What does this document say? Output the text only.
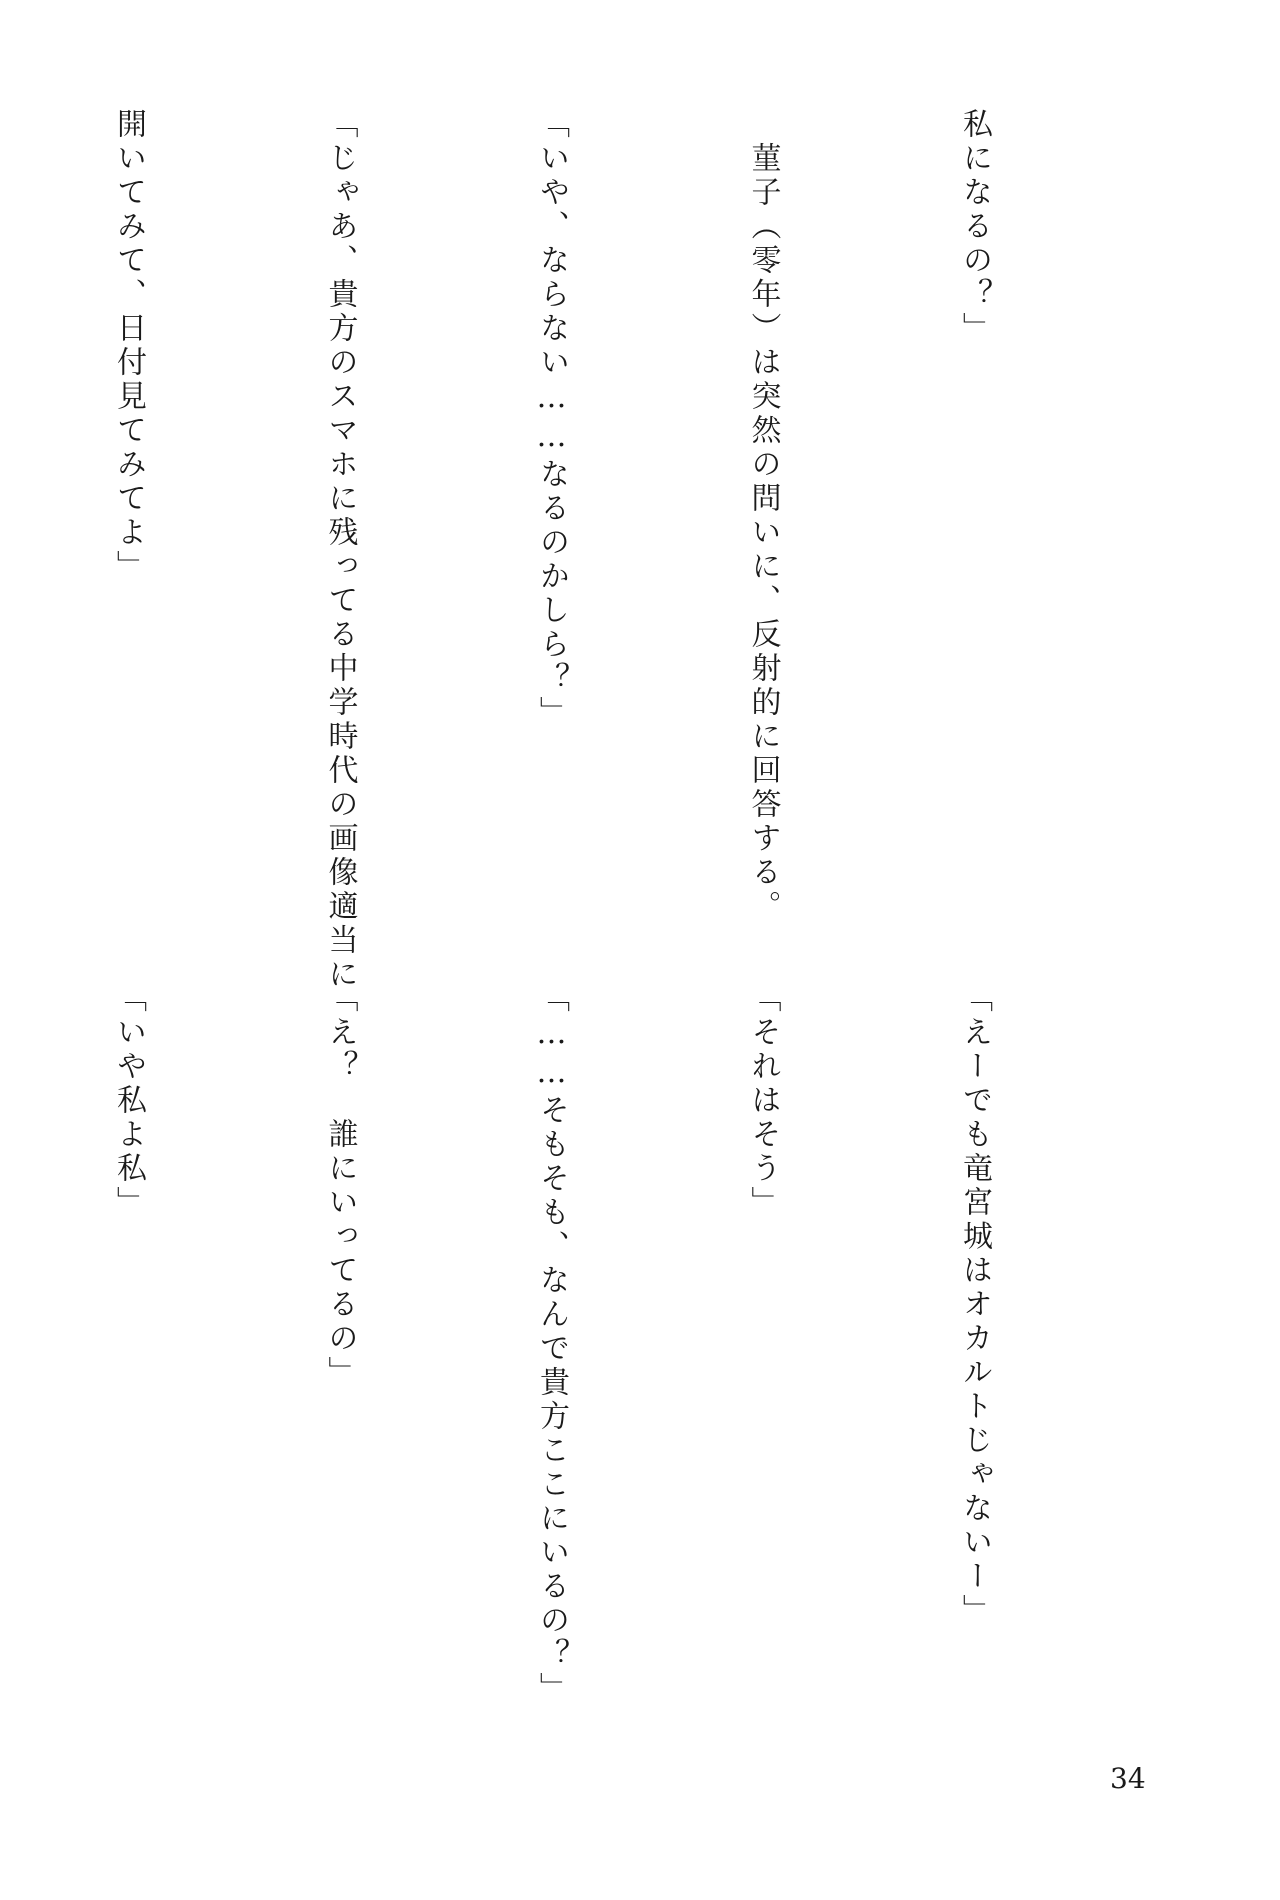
私になるの？」

　菫子（零年）は突然の問いに、反射的に回答する。

「いや、ならない……なるのかしら？」

「じゃあ、貴方のスマホに残ってる中学時代の画像適当に

開いてみて、日付見てみてよ」

「えーでも竜宮城はオカルトじゃないー」

「それはそう」

「……そもそも、なんで貴方ここにいるの？」

「え？　誰にいってるの」

「いや私よ私」

34
